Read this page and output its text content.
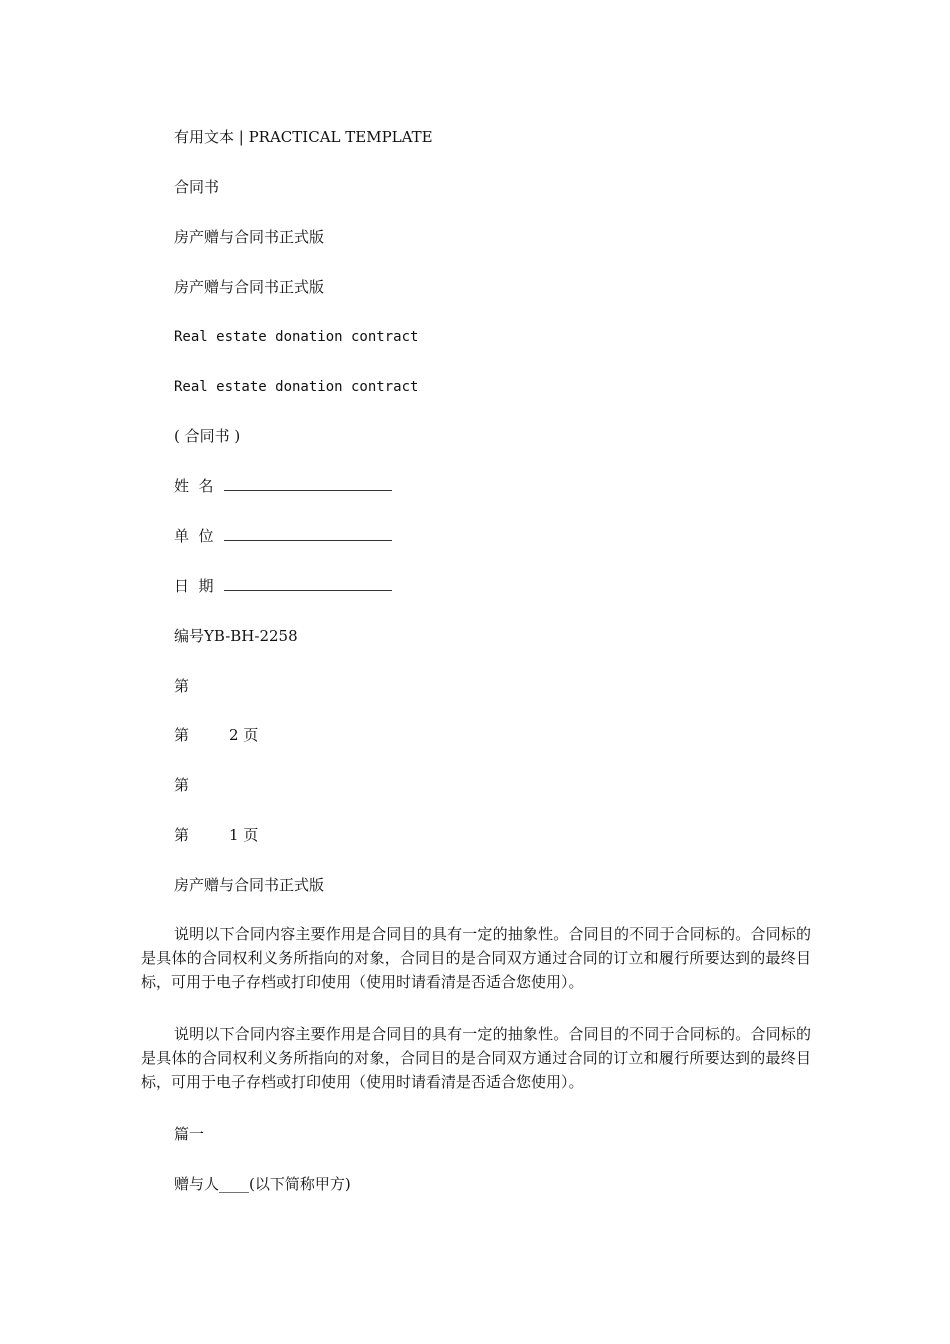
有用文本 | PRACTICAL TEMPLATE
合同书
房产赠与合同书正式版
房产赠与合同书正式版
Real estate donation contract
Real estate donation contract
( 合同书 )
姓  名
单  位
日  期
编号YB-BH-2258
第
第	2 页
第
第	1 页
房产赠与合同书正式版
说明以下合同内容主要作用是合同目的具有一定的抽象性。合同目的不同于合同标的。合同标的是具体的合同权利义务所指向的对象，合同目的是合同双方通过合同的订立和履行所要达到的最终目标，可用于电子存档或打印使用（使用时请看清是否适合您使用）。
说明以下合同内容主要作用是合同目的具有一定的抽象性。合同目的不同于合同标的。合同标的是具体的合同权利义务所指向的对象，合同目的是合同双方通过合同的订立和履行所要达到的最终目标，可用于电子存档或打印使用（使用时请看清是否适合您使用）。
篇一
赠与人____(以下简称甲方)
